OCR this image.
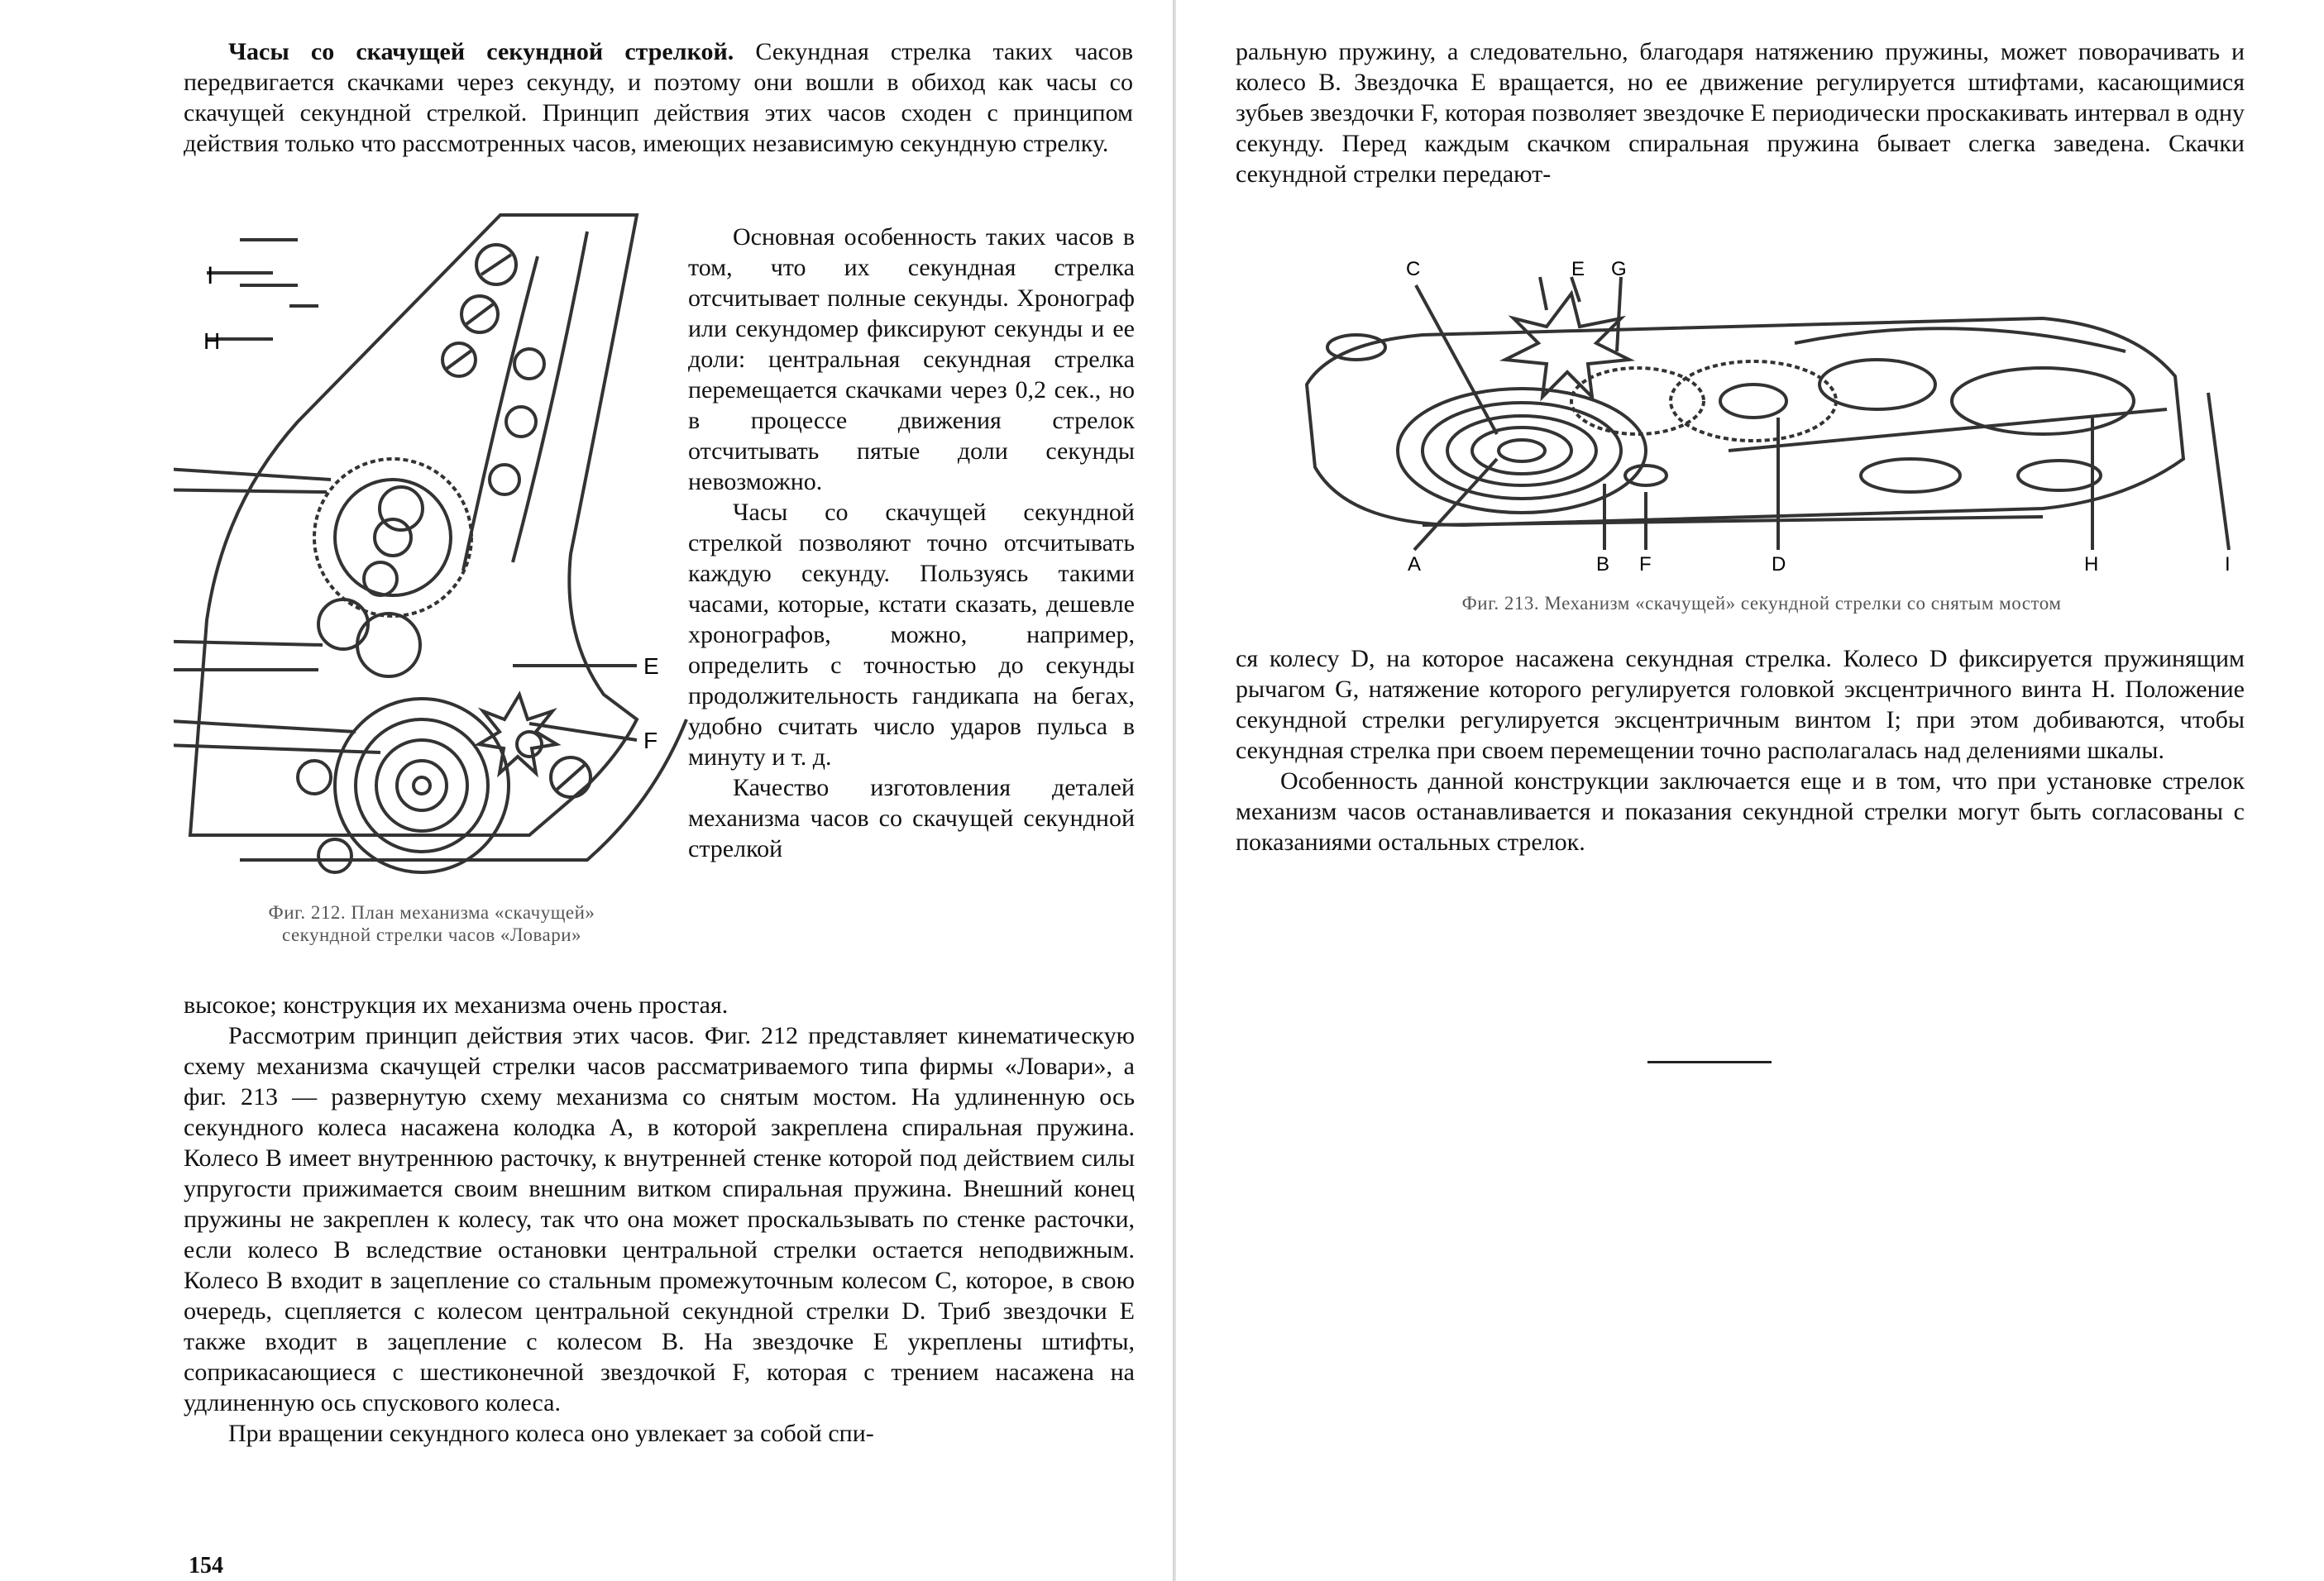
Часы со скачущей секундной стрелкой. Секундная стрелка таких часов передвигается скачками через секунду, и поэтому они вошли в обиход как часы со скачущей секундной стрелкой. Принцип действия этих часов сходен с принципом действия только что рассмотренных часов, имеющих независимую секундную стрелку.

I
H
E
F
Фиг. 212. План механизма «скачущей»
секундной стрелки часов «Ловари»

Основная особенность таких часов в том, что их секундная стрелка отсчитывает полные секунды. Хронограф или секундомер фиксируют секунды и ее доли: центральная секундная стрелка перемещается скачками через 0,2 сек., но в процессе движения стрелок отсчитывать пятые доли секунды невозможно.

Часы со скачущей секундной стрелкой позволяют точно отсчитывать каждую секунду. Пользуясь такими часами, которые, кстати сказать, дешевле хронографов, можно, например, определить с точностью до секунды продолжительность гандикапа на бегах, удобно считать число ударов пульса в минуту и т. д.

Качество изготовления деталей механизма часов со скачущей секундной стрелкой

высокое; конструкция их механизма очень простая.

Рассмотрим принцип действия этих часов. Фиг. 212 представляет кинематическую схему механизма скачущей стрелки часов рассматриваемого типа фирмы «Ловари», а фиг. 213 — развернутую схему механизма со снятым мостом. На удлиненную ось секундного колеса насажена колодка A, в которой закреплена спиральная пружина. Колесо B имеет внутреннюю расточку, к внутренней стенке которой под действием силы упругости прижимается своим внешним витком спиральная пружина. Внешний конец пружины не закреплен к колесу, так что она может проскальзывать по стенке расточки, если колесо B вследствие остановки центральной стрелки остается неподвижным. Колесо B входит в зацепление со стальным промежуточным колесом C, которое, в свою очередь, сцепляется с колесом центральной секундной стрелки D. Триб звездочки E также входит в зацепление с колесом B. На звездочке E укреплены штифты, соприкасающиеся с шестиконечной звездочкой F, которая с трением насажена на удлиненную ось спускового колеса.

При вращении секундного колеса оно увлекает за собой спи-

154

ральную пружину, а следовательно, благодаря натяжению пружины, может поворачивать и колесо B. Звездочка E вращается, но ее движение регулируется штифтами, касающимися зубьев звездочки F, которая позволяет звездочке E периодически проскакивать интервал в одну секунду. Перед каждым скачком спиральная пружина бывает слегка заведена. Скачки секундной стрелки передают-

C	E G
A	B F	D	H	I
Фиг. 213. Механизм «скачущей» секундной стрелки со снятым мостом

ся колесу D, на которое насажена секундная стрелка. Колесо D фиксируется пружинящим рычагом G, натяжение которого регулируется головкой эксцентричного винта H. Положение секундной стрелки регулируется эксцентричным винтом I; при этом добиваются, чтобы секундная стрелка при своем перемещении точно располагалась над делениями шкалы.

Особенность данной конструкции заключается еще и в том, что при установке стрелок механизм часов останавливается и показания секундной стрелки могут быть согласованы с показаниями остальных стрелок.
